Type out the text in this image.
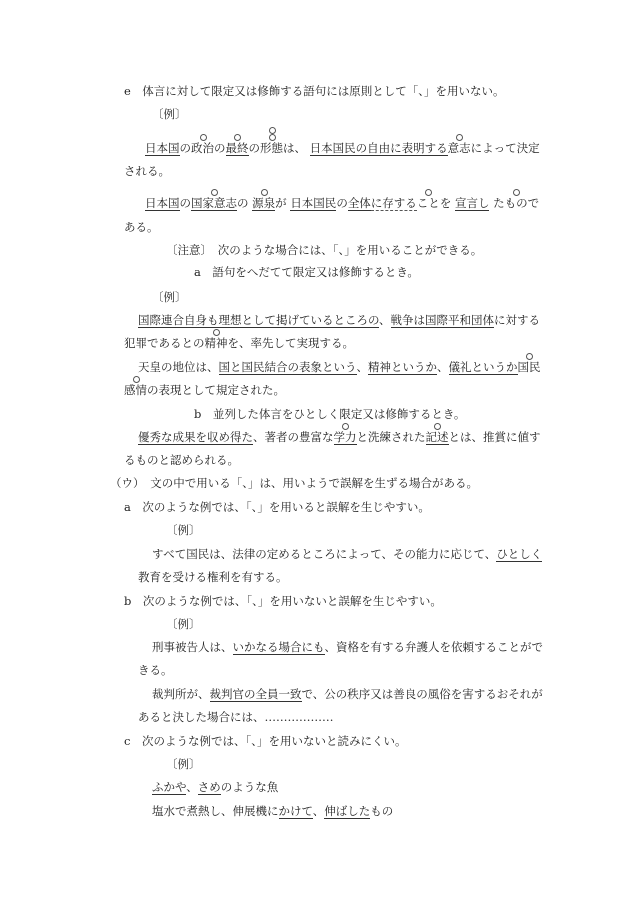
e　体言に対して限定又は修飾する語句には原則として「、」を用いない。
〔例〕
日本国の政治の最終の形態は、 日本国民の自由に表明する意志によって決定
される。
日本国の国家意志の 源泉が 日本国民の全体に存することを 宣言し たもので
ある。
〔注意〕　次のような場合には、「、」を用いることができる。
a　語句をへだてて限定又は修飾するとき。
〔例〕
国際連合自身も理想として掲げているところの、戦争は国際平和団体に対する
犯罪であるとの精神を、率先して実現する。
天皇の地位は、国と国民結合の表象という、精神というか、儀礼というか国民
感情の表現として規定された。
b　並列した体言をひとしく限定又は修飾するとき。
優秀な成果を収め得た、著者の豊富な学力と洗練された記述とは、推賞に値す
るものと認められる。
（ウ）　文の中で用いる「、」は、用いようで誤解を生ずる場合がある。
a　次のような例では、「、」を用いると誤解を生じやすい。
〔例〕
すべて国民は、法律の定めるところによって、その能力に応じて、ひとしく
教育を受ける権利を有する。
b　次のような例では、「、」を用いないと誤解を生じやすい。
〔例〕
刑事被告人は、いかなる場合にも、資格を有する弁護人を依頼することがで
きる。
裁判所が、裁判官の全員一致で、公の秩序又は善良の風俗を害するおそれが
あると決した場合には、………………
c　次のような例では、「、」を用いないと読みにくい。
〔例〕
ふかや、さめのような魚
塩水で煮熱し、伸展機にかけて、伸ばしたもの
